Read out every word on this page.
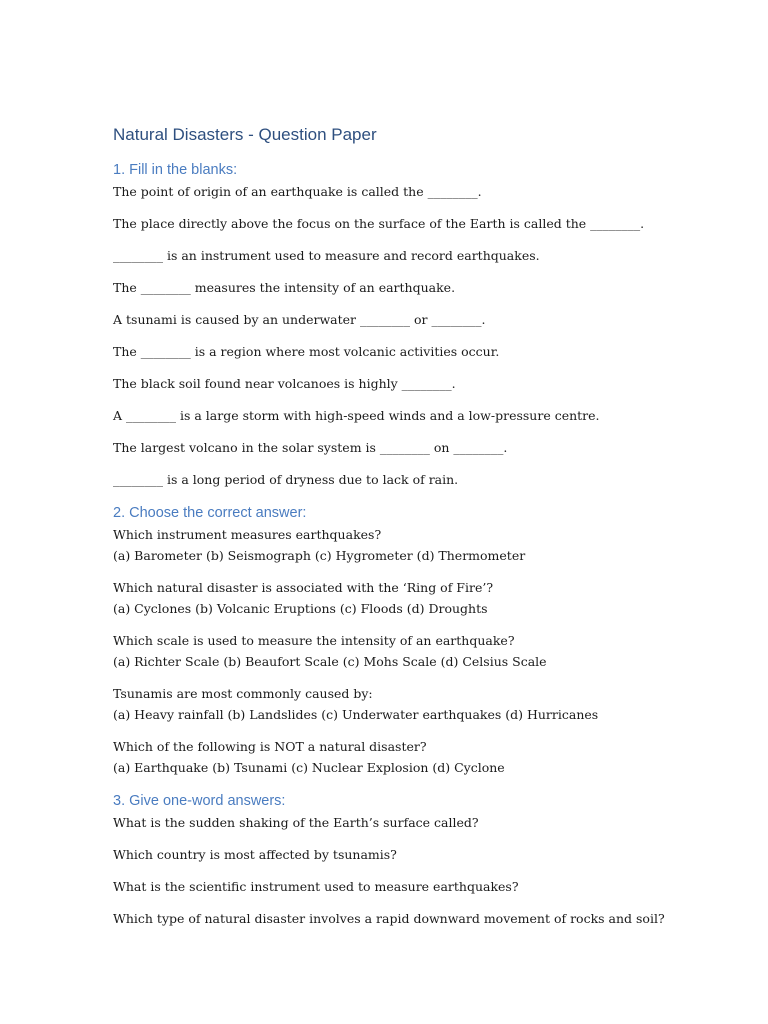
Natural Disasters - Question Paper
1. Fill in the blanks:

The point of origin of an earthquake is called the ________.

The place directly above the focus on the surface of the Earth is called the ________.

________ is an instrument used to measure and record earthquakes.

The ________ measures the intensity of an earthquake.

A tsunami is caused by an underwater ________ or ________.

The ________ is a region where most volcanic activities occur.

The black soil found near volcanoes is highly ________.

A ________ is a large storm with high-speed winds and a low-pressure centre.

The largest volcano in the solar system is ________ on ________.

________ is a long period of dryness due to lack of rain.

2. Choose the correct answer:
Which instrument measures earthquakes?
(a) Barometer (b) Seismograph (c) Hygrometer (d) Thermometer
Which natural disaster is associated with the ‘Ring of Fire’?
(a) Cyclones (b) Volcanic Eruptions (c) Floods (d) Droughts
Which scale is used to measure the intensity of an earthquake?
(a) Richter Scale (b) Beaufort Scale (c) Mohs Scale (d) Celsius Scale
Tsunamis are most commonly caused by:
(a) Heavy rainfall (b) Landslides (c) Underwater earthquakes (d) Hurricanes
Which of the following is NOT a natural disaster?
(a) Earthquake (b) Tsunami (c) Nuclear Explosion (d) Cyclone
3. Give one-word answers:

What is the sudden shaking of the Earth’s surface called?

Which country is most affected by tsunamis?

What is the scientific instrument used to measure earthquakes?

Which type of natural disaster involves a rapid downward movement of rocks and soil?
